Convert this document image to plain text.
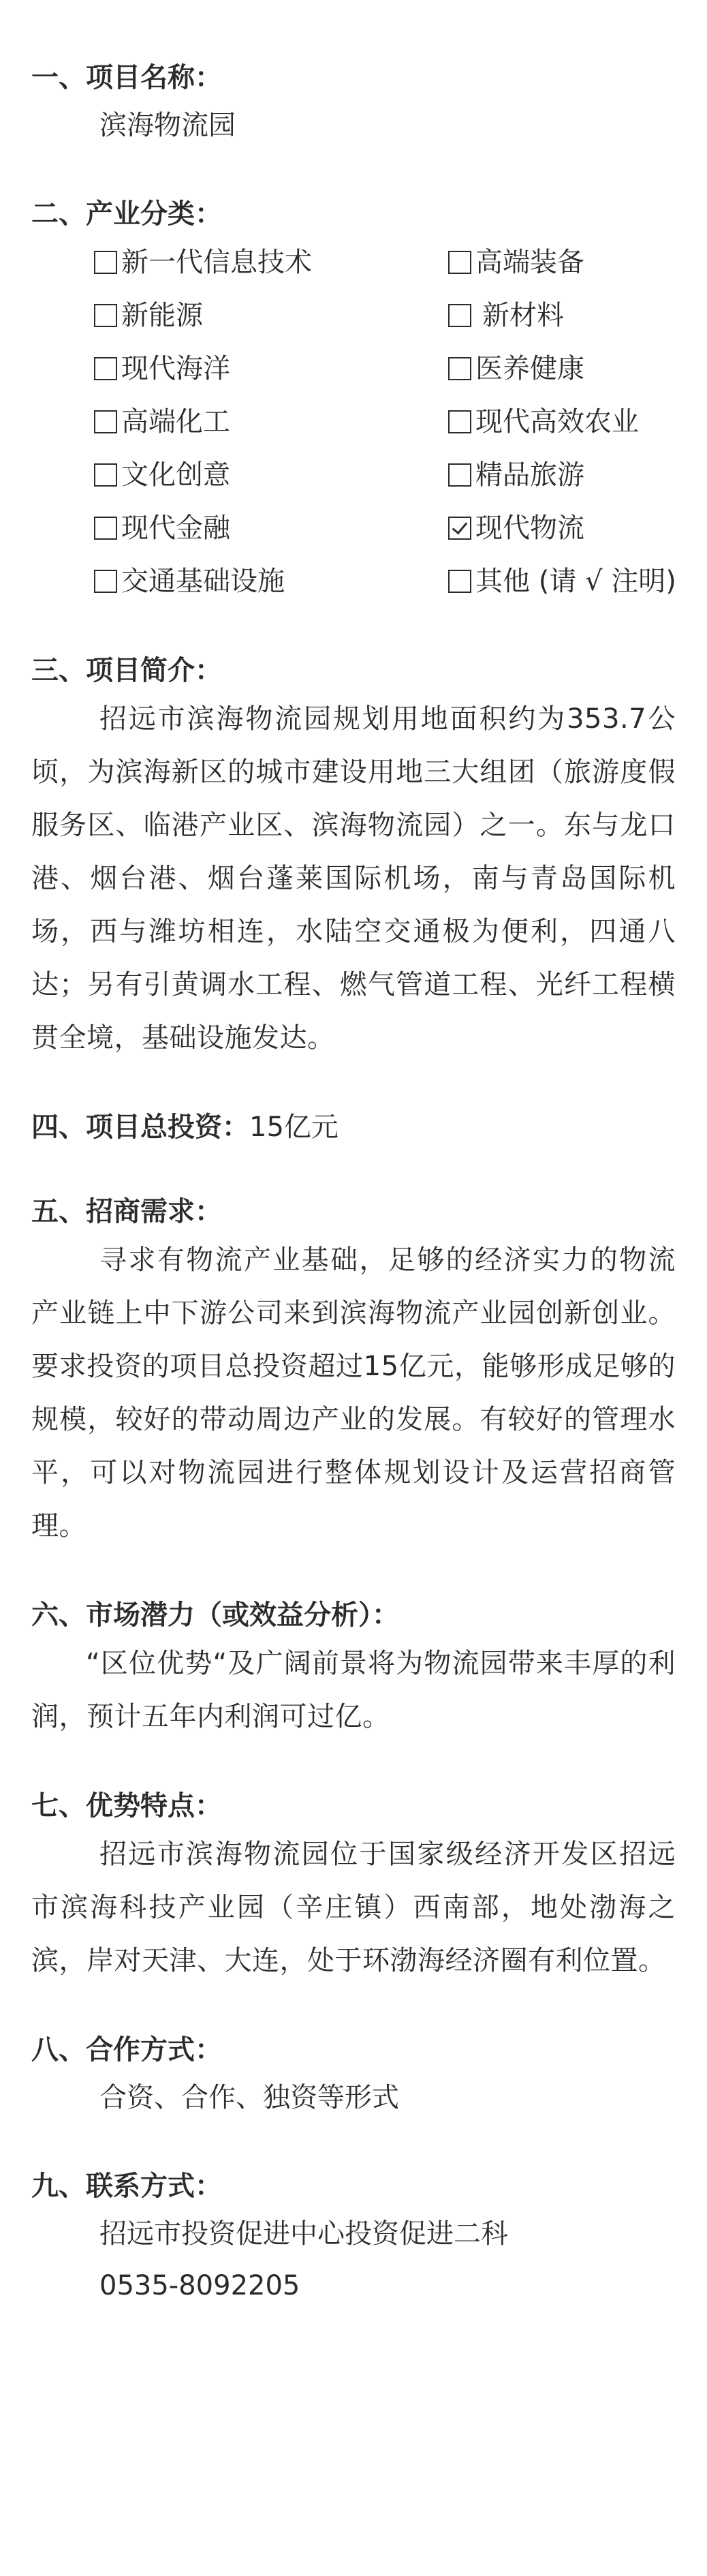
一、项目名称：
滨海物流园
二、产业分类：
新一代信息技术	高端装备
新能源	新材料
现代海洋	医养健康
高端化工	现代高效农业
文化创意	精品旅游
现代金融	现代物流
交通基础设施	其他 (请 √ 注明)
三、项目简介：
招远市滨海物流园规划用地面积约为353.7公顷，为滨海新区的城市建设用地三大组团（旅游度假服务区、临港产业区、滨海物流园）之一。东与龙口港、烟台港、烟台蓬莱国际机场，南与青岛国际机场，西与潍坊相连，水陆空交通极为便利，四通八达；另有引黄调水工程、燃气管道工程、光纤工程横贯全境，基础设施发达。
四、项目总投资：15亿元
五、招商需求：
寻求有物流产业基础，足够的经济实力的物流产业链上中下游公司来到滨海物流产业园创新创业。要求投资的项目总投资超过15亿元，能够形成足够的规模，较好的带动周边产业的发展。有较好的管理水平，可以对物流园进行整体规划设计及运营招商管理。
六、市场潜力（或效益分析）：
“区位优势“及广阔前景将为物流园带来丰厚的利润，预计五年内利润可过亿。
七、优势特点：
招远市滨海物流园位于国家级经济开发区招远市滨海科技产业园（辛庄镇）西南部，地处渤海之滨，岸对天津、大连，处于环渤海经济圈有利位置。
八、合作方式：
合资、合作、独资等形式
九、联系方式：
招远市投资促进中心投资促进二科
0535-8092205
